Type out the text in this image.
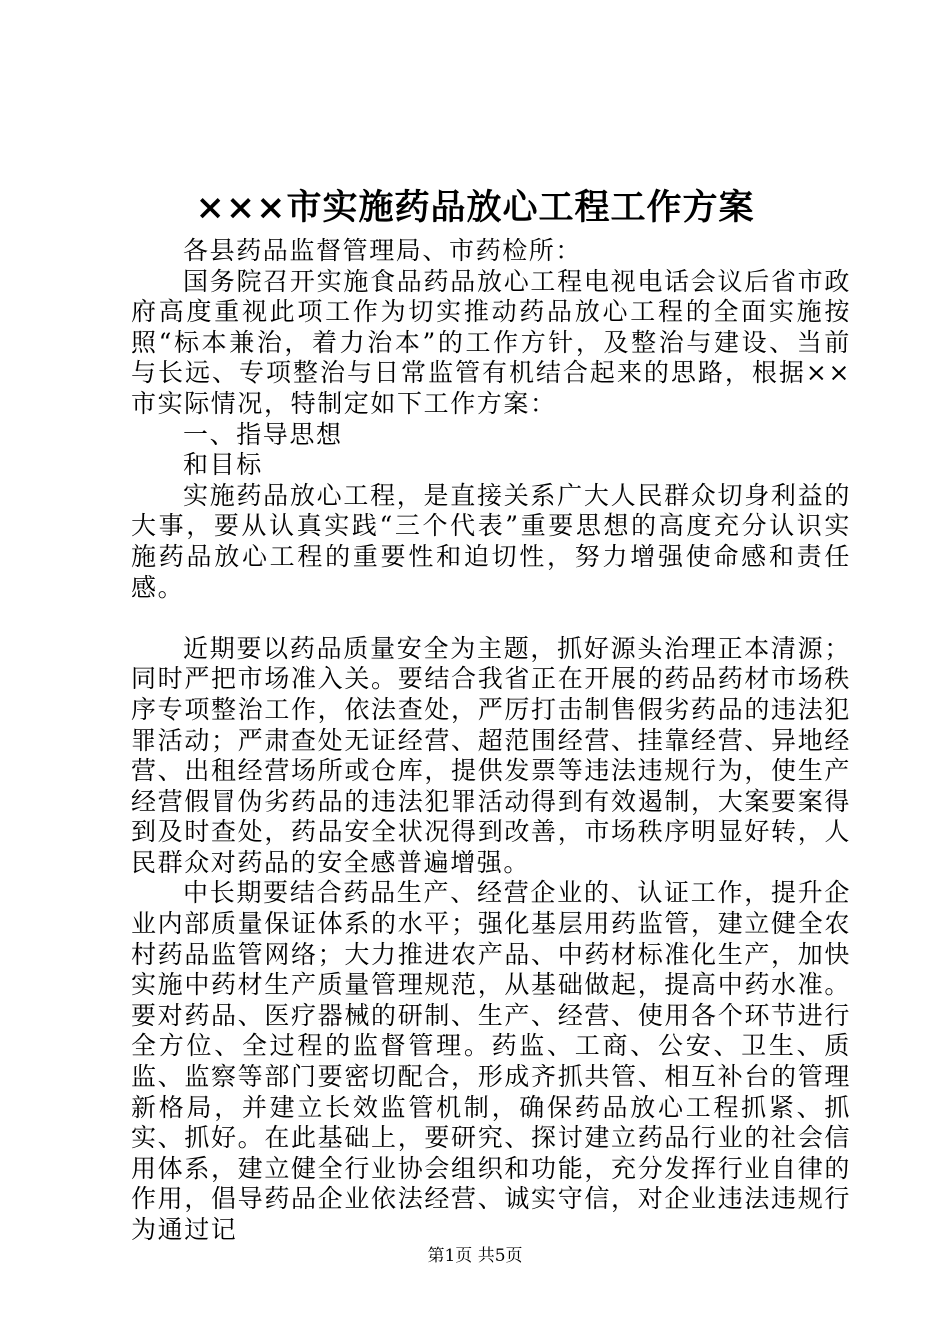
×××市实施药品放心工程工作方案

各县药品监督管理局、市药检所：

国务院召开实施食品药品放心工程电视电话会议后省市政府高度重视此项工作为切实推动药品放心工程的全面实施按照“标本兼治，着力治本”的工作方针，及整治与建设、当前与长远、专项整治与日常监管有机结合起来的思路，根据××市实际情况，特制定如下工作方案：

一、指导思想

和目标

实施药品放心工程，是直接关系广大人民群众切身利益的大事，要从认真实践“三个代表”重要思想的高度充分认识实施药品放心工程的重要性和迫切性，努力增强使命感和责任感。

近期要以药品质量安全为主题，抓好源头治理正本清源；同时严把市场准入关。要结合我省正在开展的药品药材市场秩序专项整治工作，依法查处，严厉打击制售假劣药品的违法犯罪活动；严肃查处无证经营、超范围经营、挂靠经营、异地经营、出租经营场所或仓库，提供发票等违法违规行为，使生产经营假冒伪劣药品的违法犯罪活动得到有效遏制，大案要案得到及时查处，药品安全状况得到改善，市场秩序明显好转，人民群众对药品的安全感普遍增强。

中长期要结合药品生产、经营企业的、认证工作，提升企业内部质量保证体系的水平；强化基层用药监管，建立健全农村药品监管网络；大力推进农产品、中药材标准化生产，加快实施中药材生产质量管理规范，从基础做起，提高中药水准。要对药品、医疗器械的研制、生产、经营、使用各个环节进行全方位、全过程的监督管理。药监、工商、公安、卫生、质监、监察等部门要密切配合，形成齐抓共管、相互补台的管理新格局，并建立长效监管机制，确保药品放心工程抓紧、抓实、抓好。在此基础上，要研究、探讨建立药品行业的社会信用体系，建立健全行业协会组织和功能，充分发挥行业自律的作用，倡导药品企业依法经营、诚实守信，对企业违法违规行为通过记

第1页 共5页
